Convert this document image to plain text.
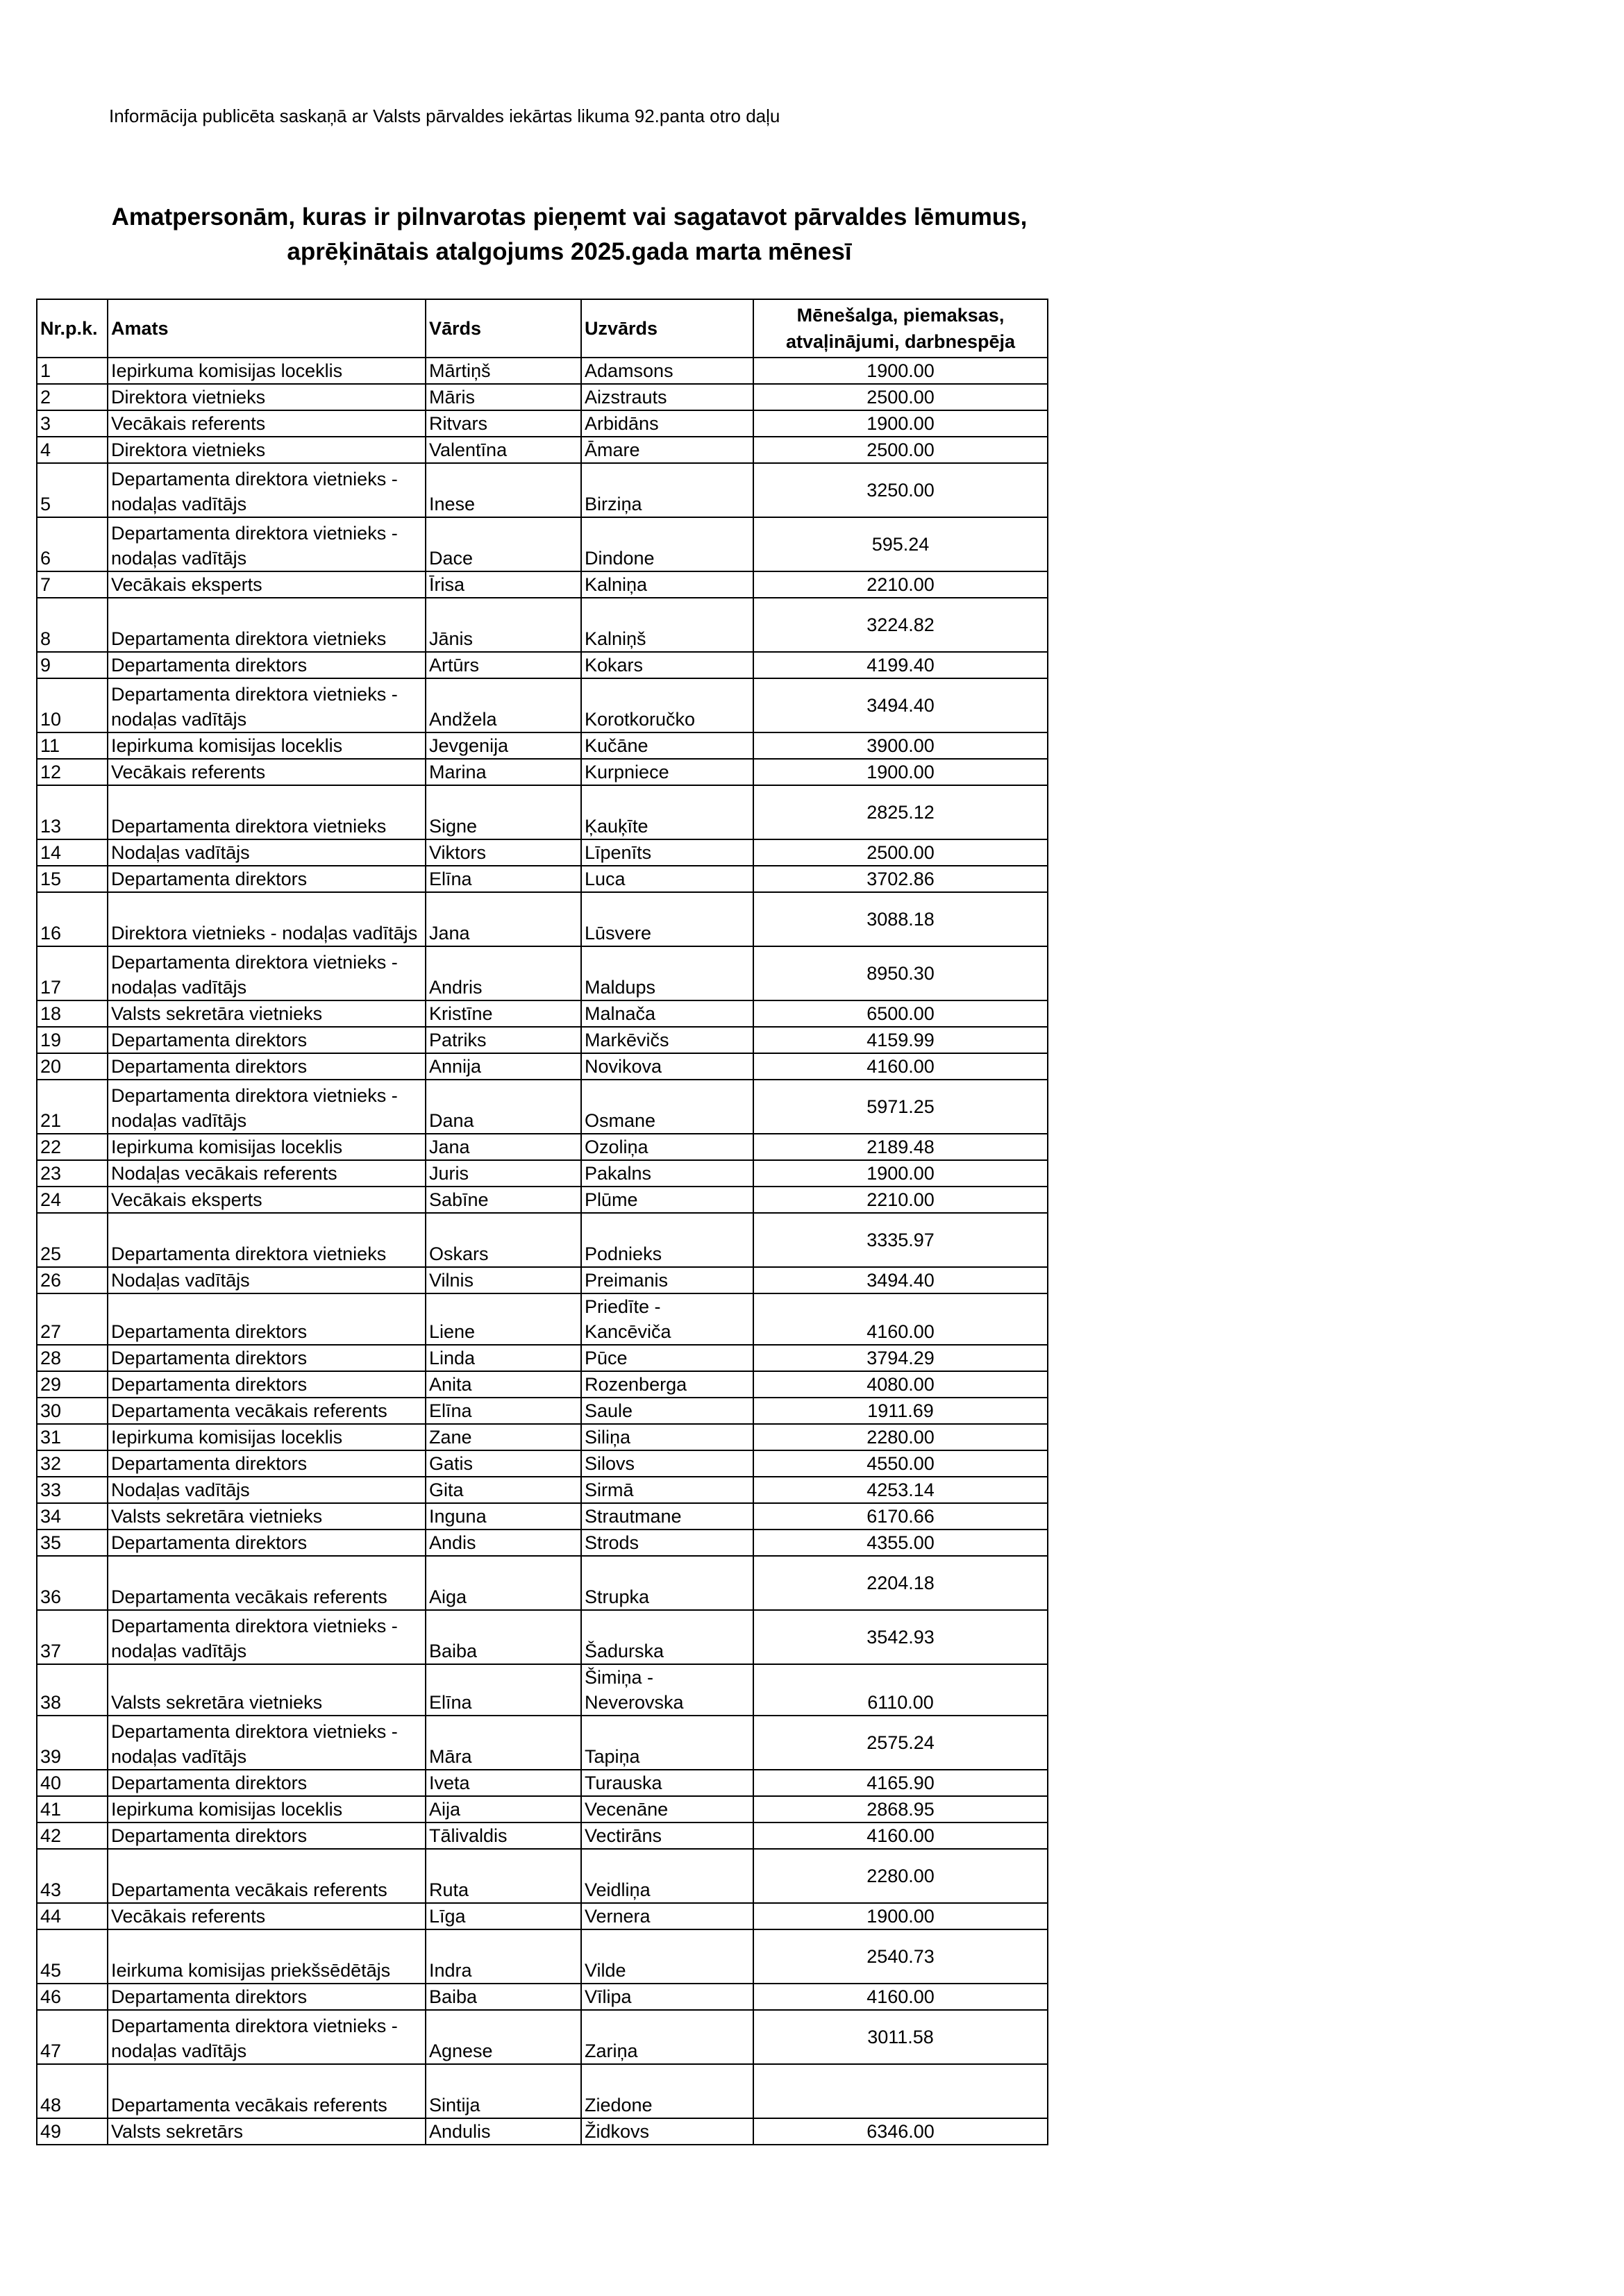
Informācija publicēta saskaņā ar Valsts pārvaldes iekārtas likuma 92.panta otro daļu
Amatpersonām, kuras ir pilnvarotas pieņemt vai sagatavot pārvaldes lēmumus,
aprēķinātais atalgojums 2025.gada marta mēnesī
Nr.p.k.	Amats	Vārds	Uzvārds	Mēnešalga, piemaksas,
atvaļinājumi, darbnespēja

1	Iepirkuma komisijas loceklis	Mārtiņš	Adamsons	1900.00
2	Direktora vietnieks	Māris	Aizstrauts	2500.00
3	Vecākais referents	Ritvars	Arbidāns	1900.00
4	Direktora vietnieks	Valentīna	Āmare	2500.00
5	Departamenta direktora vietnieks - nodaļas vadītājs	Inese	Birziņa	3250.00
6	Departamenta direktora vietnieks - nodaļas vadītājs	Dace	Dindone	595.24
7	Vecākais eksperts	Īrisa	Kalniņa	2210.00
8	Departamenta direktora vietnieks	Jānis	Kalniņš	3224.82
9	Departamenta direktors	Artūrs	Kokars	4199.40
10	Departamenta direktora vietnieks - nodaļas vadītājs	Andžela	Korotkoručko	3494.40
11	Iepirkuma komisijas loceklis	Jevgenija	Kučāne	3900.00
12	Vecākais referents	Marina	Kurpniece	1900.00
13	Departamenta direktora vietnieks	Signe	Ķauķīte	2825.12
14	Nodaļas vadītājs	Viktors	Līpenīts	2500.00
15	Departamenta direktors	Elīna	Luca	3702.86
16	Direktora vietnieks - nodaļas vadītājs	Jana	Lūsvere	3088.18
17	Departamenta direktora vietnieks - nodaļas vadītājs	Andris	Maldups	8950.30
18	Valsts sekretāra vietnieks	Kristīne	Malnača	6500.00
19	Departamenta direktors	Patriks	Markēvičs	4159.99
20	Departamenta direktors	Annija	Novikova	4160.00
21	Departamenta direktora vietnieks - nodaļas vadītājs	Dana	Osmane	5971.25
22	Iepirkuma komisijas loceklis	Jana	Ozoliņa	2189.48
23	Nodaļas vecākais referents	Juris	Pakalns	1900.00
24	Vecākais eksperts	Sabīne	Plūme	2210.00
25	Departamenta direktora vietnieks	Oskars	Podnieks	3335.97
26	Nodaļas vadītājs	Vilnis	Preimanis	3494.40
27	Departamenta direktors	Liene	Priedīte - Kancēviča	4160.00
28	Departamenta direktors	Linda	Pūce	3794.29
29	Departamenta direktors	Anita	Rozenberga	4080.00
30	Departamenta vecākais referents	Elīna	Saule	1911.69
31	Iepirkuma komisijas loceklis	Zane	Siliņa	2280.00
32	Departamenta direktors	Gatis	Silovs	4550.00
33	Nodaļas vadītājs	Gita	Sirmā	4253.14
34	Valsts sekretāra vietnieks	Inguna	Strautmane	6170.66
35	Departamenta direktors	Andis	Strods	4355.00
36	Departamenta vecākais referents	Aiga	Strupka	2204.18
37	Departamenta direktora vietnieks - nodaļas vadītājs	Baiba	Šadurska	3542.93
38	Valsts sekretāra vietnieks	Elīna	Šimiņa - Neverovska	6110.00
39	Departamenta direktora vietnieks - nodaļas vadītājs	Māra	Tapiņa	2575.24
40	Departamenta direktors	Iveta	Turauska	4165.90
41	Iepirkuma komisijas loceklis	Aija	Vecenāne	2868.95
42	Departamenta direktors	Tālivaldis	Vectirāns	4160.00
43	Departamenta vecākais referents	Ruta	Veidliņa	2280.00
44	Vecākais referents	Līga	Vernera	1900.00
45	Ieirkuma komisijas priekšsēdētājs	Indra	Vilde	2540.73
46	Departamenta direktors	Baiba	Vīlipa	4160.00
47	Departamenta direktora vietnieks - nodaļas vadītājs	Agnese	Zariņa	3011.58
48	Departamenta vecākais referents	Sintija	Ziedone	
49	Valsts sekretārs	Andulis	Židkovs	6346.00
